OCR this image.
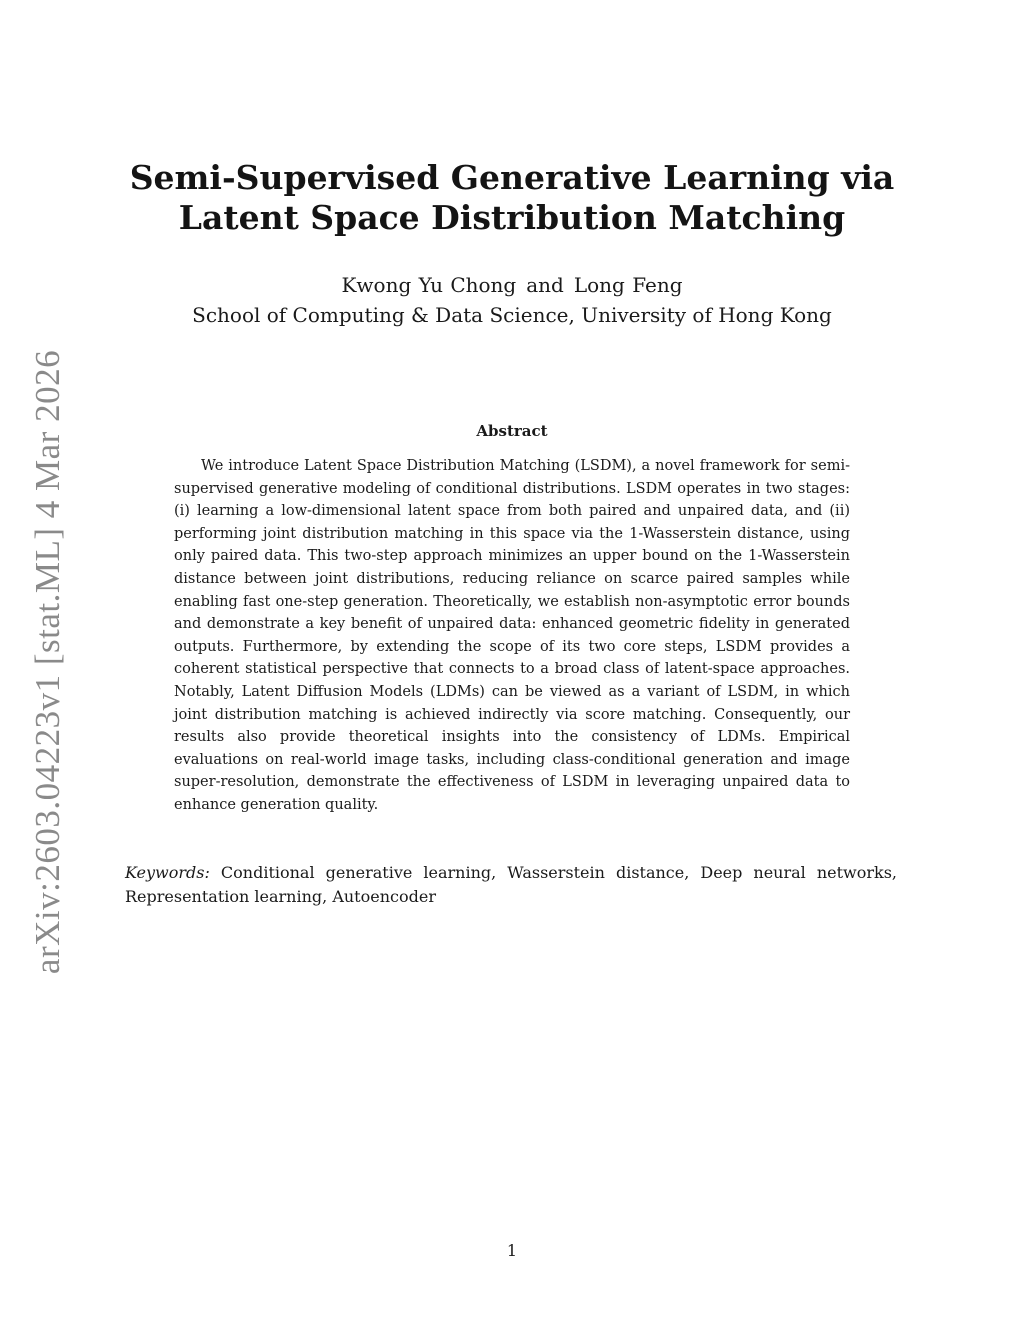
arXiv:2603.04223v1 [stat.ML] 4 Mar 2026
Semi-Supervised Generative Learning via
Latent Space Distribution Matching
Kwong Yu Chong and Long Feng
School of Computing & Data Science, University of Hong Kong
Abstract

We introduce Latent Space Distribution Matching (LSDM), a novel framework for semi-supervised generative modeling of conditional distributions. LSDM operates in two stages: (i) learning a low-dimensional latent space from both paired and unpaired data, and (ii) performing joint distribution matching in this space via the 1-Wasserstein distance, using only paired data. This two-step approach minimizes an upper bound on the 1-Wasserstein distance between joint distributions, reducing reliance on scarce paired samples while enabling fast one-step generation. Theoretically, we establish non-asymptotic error bounds and demonstrate a key benefit of unpaired data: enhanced geometric fidelity in generated outputs. Furthermore, by extending the scope of its two core steps, LSDM provides a coherent statistical perspective that connects to a broad class of latent-space approaches. Notably, Latent Diffusion Models (LDMs) can be viewed as a variant of LSDM, in which joint distribution matching is achieved indirectly via score matching. Consequently, our results also provide theoretical insights into the consistency of LDMs. Empirical evaluations on real-world image tasks, including class-conditional generation and image super-resolution, demonstrate the effectiveness of LSDM in leveraging unpaired data to enhance generation quality.

Keywords: Conditional generative learning, Wasserstein distance, Deep neural networks, Representation learning, Autoencoder

1
